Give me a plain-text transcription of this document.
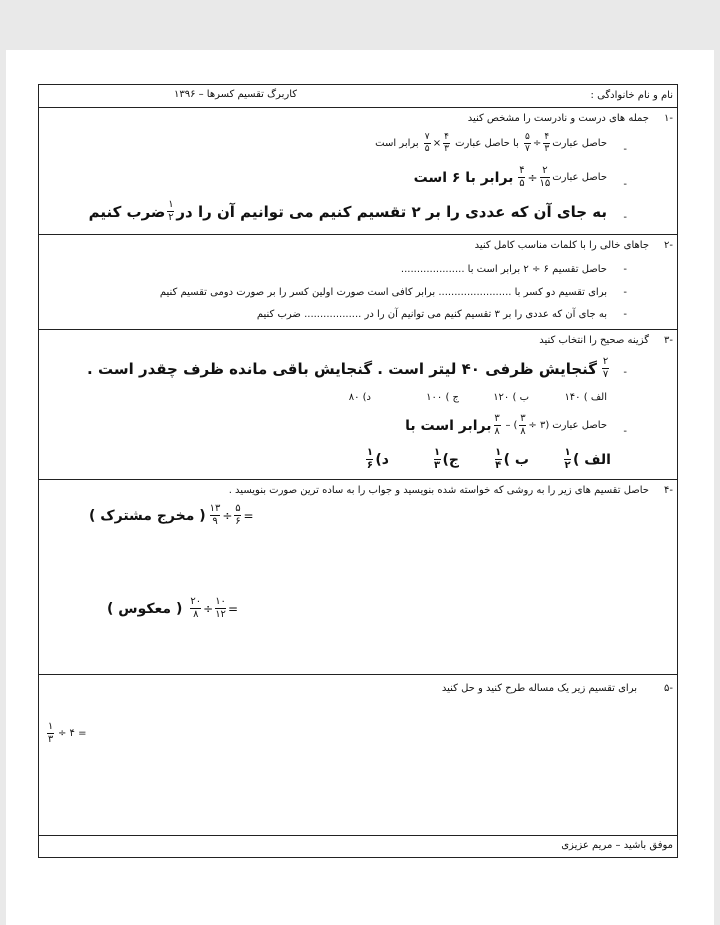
نام و نام خانوادگی :
کاربرگ تقسیم کسرها – ۱۳۹۶
۱-
جمله های درست و نادرست را مشخص کنید
-
حاصل عبارت
$\frac{۴}{۳}$
÷
$\frac{۵}{۷}$
با حاصل عبارت
$\frac{۴}{۳}$
×
$\frac{۷}{۵}$
برابر است
-
حاصل عبارت
$\frac{۲}{۱۵}$
÷
$\frac{۴}{۵}$
برابر با ۶ است
-
به جای آن که عددی را بر ۲ تقسیم کنیم می توانیم آن را در
$\frac{۱}{۲}$
ضرب کنیم
۲-
جاهای خالی را با کلمات مناسب کامل کنید
-
حاصل تقسیم ۶ ÷ ۲ برابر است با ....................
-
برای تقسیم دو کسر با ....................... برابر کافی است صورت اولین کسر را بر صورت دومی تقسیم کنیم
-
به جای آن که عددی را بر ۳ تقسیم کنیم می توانیم آن را در .................. ضرب کنیم
۳-
گزینه صحیح را انتخاب کنید
-
$\frac{۲}{۷}$
گنجایش ظرفی ۴۰ لیتر است . گنجایش باقی مانده ظرف چقدر است .
الف ) ۱۴۰
ب ) ۱۲۰
ج ) ۱۰۰
د) ۸۰
-
حاصل عبارت
(۳ ÷
$\frac{۳}{۸}$
)
–
$\frac{۳}{۸}$
برابر است با
الف )
$\frac{۱}{۲}$
ب )
$\frac{۱}{۴}$
ج)
$\frac{۱}{۳}$
د)
$\frac{۱}{۶}$
۴-
حاصل تقسیم های زیر را به روشی که خواسته شده بنویسید و جواب را به ساده ترین صورت بنویسید .
( مخرج مشترک ) $\frac{۱۳}{۹} \div \frac{۵}{۶}$ =
( معکوس ) $\frac{۲۰}{۸} \div \frac{۱۰}{۱۲}$ =
۵-
برای تقسیم زیر یک مساله طرح کنید و حل کنید
$\frac{۱}{۳}$ ÷ ۴ =
موفق باشید – مریم عزیزی
